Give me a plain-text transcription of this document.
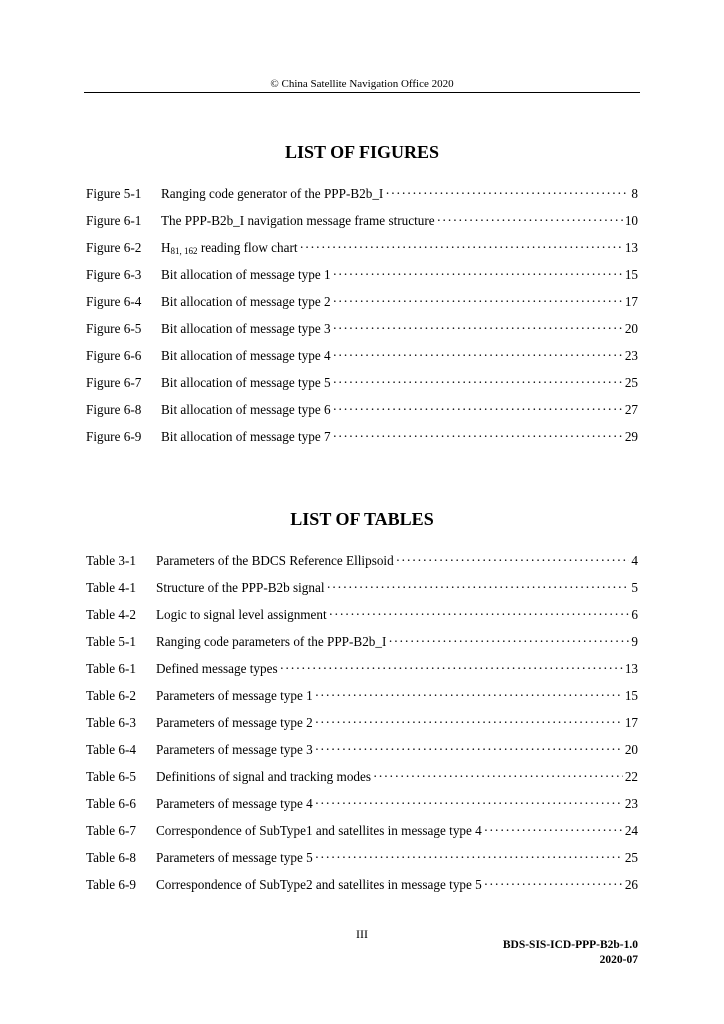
© China Satellite Navigation Office 2020
LIST OF FIGURES
Figure 5-1	Ranging code generator of the PPP-B2b_I ·····	8
Figure 6-1	The PPP-B2b_I navigation message frame structure ·····	10
Figure 6-2	$H_{81, 162}$ reading flow chart ·····	13
Figure 6-3	Bit allocation of message type 1 ·····	15
Figure 6-4	Bit allocation of message type 2 ·····	17
Figure 6-5	Bit allocation of message type 3 ·····	20
Figure 6-6	Bit allocation of message type 4 ·····	23
Figure 6-7	Bit allocation of message type 5 ·····	25
Figure 6-8	Bit allocation of message type 6 ·····	27
Figure 6-9	Bit allocation of message type 7 ·····	29
LIST OF TABLES
Table 3-1	Parameters of the BDCS Reference Ellipsoid ·····	4
Table 4-1	Structure of the PPP-B2b signal ·····	5
Table 4-2	Logic to signal level assignment ·····	6
Table 5-1	Ranging code parameters of the PPP-B2b_I ·····	9
Table 6-1	Defined message types ·····	13
Table 6-2	Parameters of message type 1 ·····	15
Table 6-3	Parameters of message type 2 ·····	17
Table 6-4	Parameters of message type 3 ·····	20
Table 6-5	Definitions of signal and tracking modes ·····	22
Table 6-6	Parameters of message type 4 ·····	23
Table 6-7	Correspondence of SubType1 and satellites in message type 4 ·····	24
Table 6-8	Parameters of message type 5 ·····	25
Table 6-9	Correspondence of SubType2 and satellites in message type 5 ·····	26
III
BDS-SIS-ICD-PPP-B2b-1.0
2020-07
